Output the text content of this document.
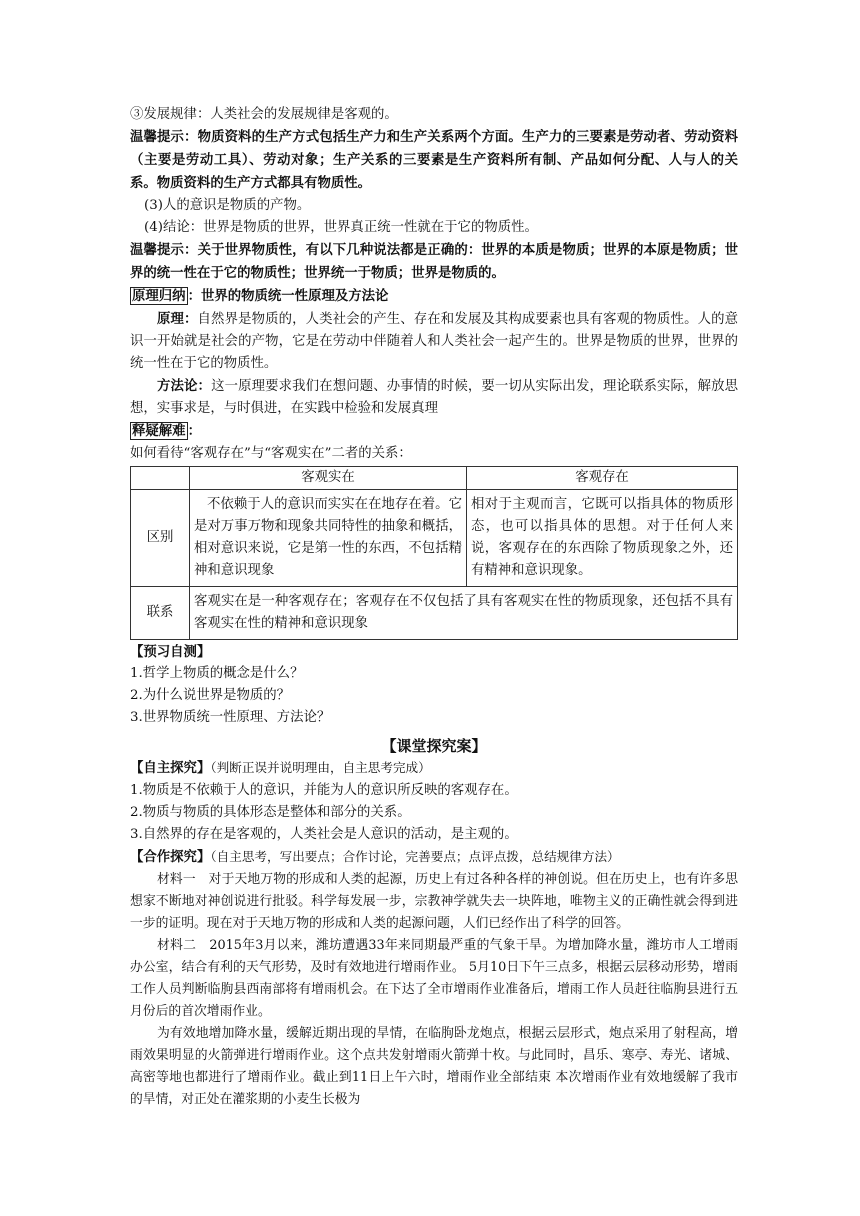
③发展规律：人类社会的发展规律是客观的。

温馨提示：物质资料的生产方式包括生产力和生产关系两个方面。生产力的三要素是劳动者、劳动资料（主要是劳动工具）、劳动对象；生产关系的三要素是生产资料所有制、产品如何分配、人与人的关系。物质资料的生产方式都具有物质性。

(3)人的意识是物质的产物。

(4)结论：世界是物质的世界，世界真正统一性就在于它的物质性。

温馨提示：关于世界物质性，有以下几种说法都是正确的：世界的本质是物质；世界的本原是物质；世界的统一性在于它的物质性；世界统一于物质；世界是物质的。

原理归纳 ：世界的物质统一性原理及方法论

原理：自然界是物质的，人类社会的产生、存在和发展及其构成要素也具有客观的物质性。人的意识一开始就是社会的产物，它是在劳动中伴随着人和人类社会一起产生的。世界是物质的世界，世界的统一性在于它的物质性。

方法论：这一原理要求我们在想问题、办事情的时候，要一切从实际出发，理论联系实际，解放思想，实事求是，与时俱进，在实践中检验和发展真理

释疑解难 ：

如何看待“客观存在”与“客观实在”二者的关系：

	客观实在	客观存在
区别	不依赖于人的意识而实实在在地存在着。它是对万事万物和现象共同特性的抽象和概括，相对意识来说，它是第一性的东西，不包括精神和意识现象	相对于主观而言，它既可以指具体的物质形态，也可以指具体的思想。对于任何人来说，客观存在的东西除了物质现象之外，还有精神和意识现象。
联系	客观实在是一种客观存在；客观存在不仅包括了具有客观实在性的物质现象，还包括不具有客观实在性的精神和意识现象	

【预习自测】

1.哲学上物质的概念是什么？

2.为什么说世界是物质的？

3.世界物质统一性原理、方法论？

【课堂探究案】

【自主探究】（判断正误并说明理由，自主思考完成）

1.物质是不依赖于人的意识，并能为人的意识所反映的客观存在。

2.物质与物质的具体形态是整体和部分的关系。

3.自然界的存在是客观的，人类社会是人意识的活动，是主观的。

【合作探究】（自主思考，写出要点；合作讨论，完善要点；点评点拨，总结规律方法）

材料一　对于天地万物的形成和人类的起源，历史上有过各种各样的神创说。但在历史上，也有许多思想家不断地对神创说进行批驳。科学每发展一步，宗教神学就失去一块阵地，唯物主义的正确性就会得到进一步的证明。现在对于天地万物的形成和人类的起源问题，人们已经作出了科学的回答。

材料二　2015年3月以来，潍坊遭遇33年来同期最严重的气象干旱。为增加降水量，潍坊市人工增雨办公室，结合有利的天气形势，及时有效地进行增雨作业。 5月10日下午三点多，根据云层移动形势，增雨工作人员判断临朐县西南部将有增雨机会。在下达了全市增雨作业准备后，增雨工作人员赶往临朐县进行五月份后的首次增雨作业。

为有效地增加降水量，缓解近期出现的旱情，在临朐卧龙炮点，根据云层形式，炮点采用了射程高，增雨效果明显的火箭弹进行增雨作业。这个点共发射增雨火箭弹十枚。与此同时，昌乐、寒亭、寿光、诸城、高密等地也都进行了增雨作业。截止到11日上午六时，增雨作业全部结束 本次增雨作业有效地缓解了我市的旱情，对正处在灌浆期的小麦生长极为
